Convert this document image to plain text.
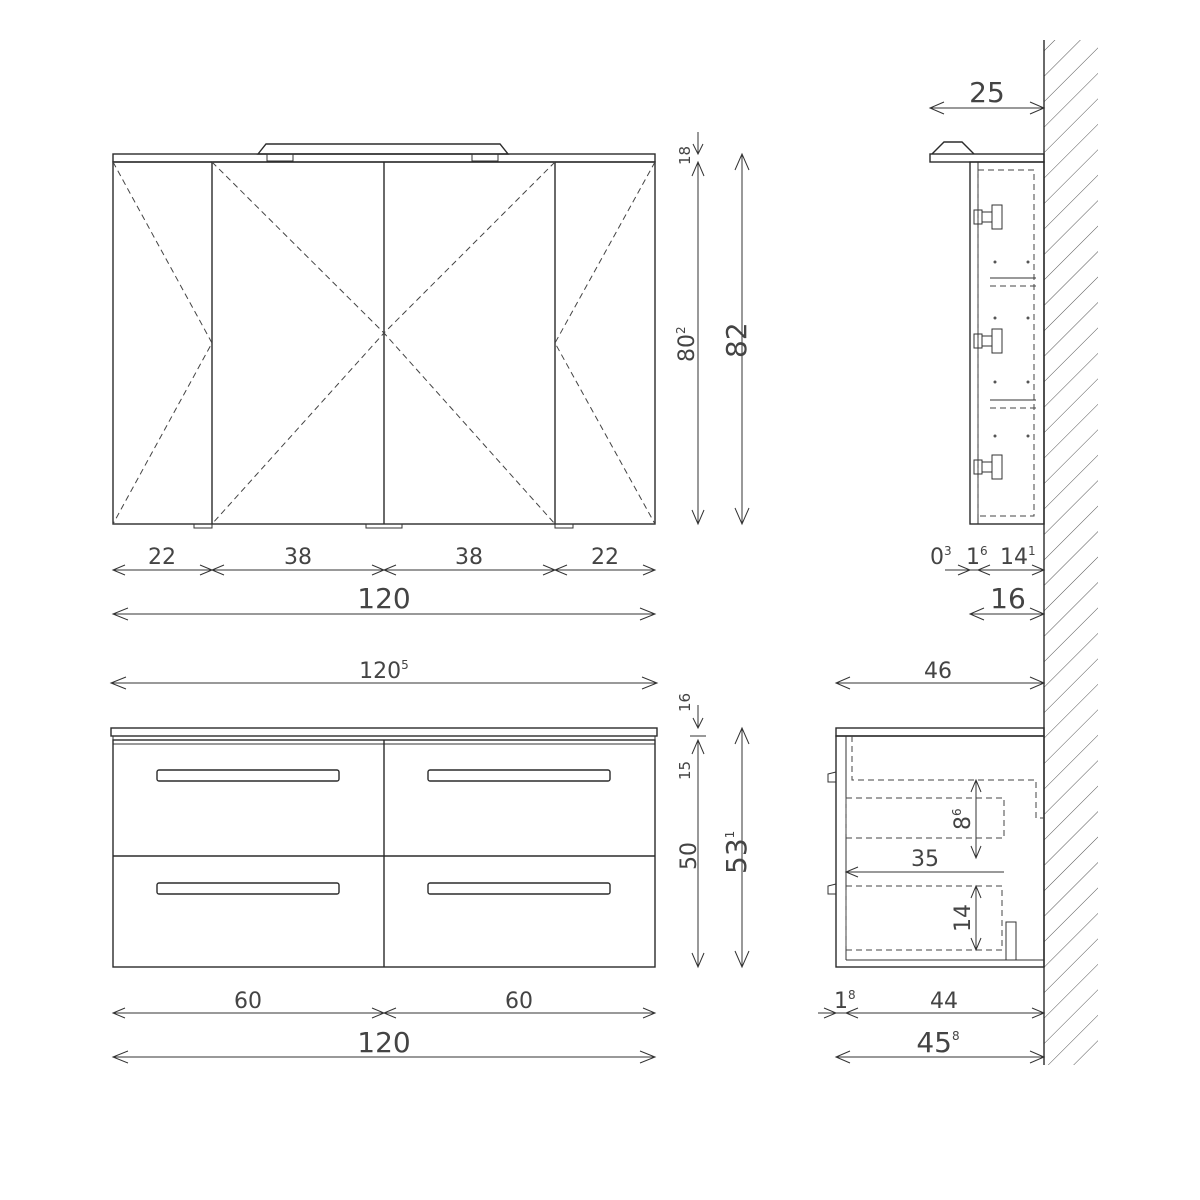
22	38	38	22
120
18
$80^2$	82
25
$0^3$ $1^6$ $14^1$
16
$120^5$
16
15
50 $53^1$
60	60
120
46
$8^6$
35
14
$1^8$	44
$45^8$
